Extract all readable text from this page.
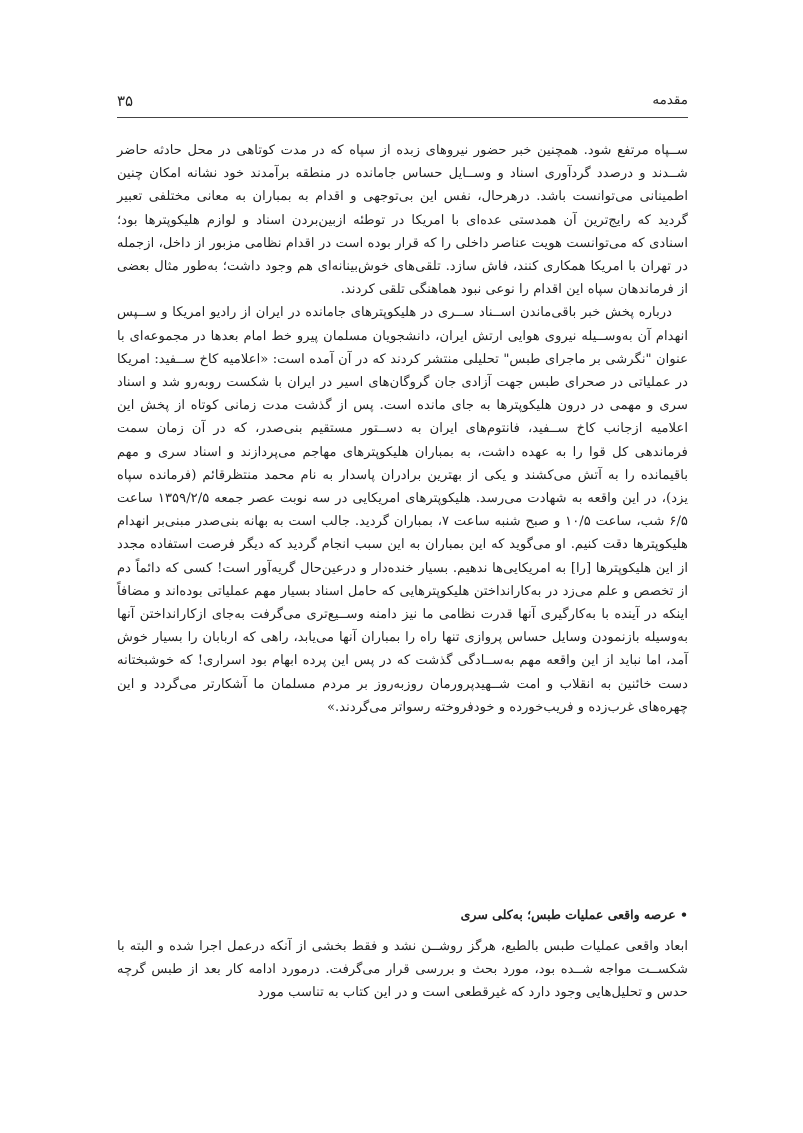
مقدمه
۳۵

ســپاه مرتفع شود. همچنین خبر حضور نیروهای زبده از سپاه که در مدت کوتاهی در محل حادثه حاضر شــدند و درصدد گردآوری اسناد و وســایل حساس جامانده در منطقه برآمدند خود نشانه امکان چنین اطمینانی می‌توانست باشد. درهرحال، نفس این بی‌توجهی و اقدام به بمباران به معانی مختلفی تعبیر گردید که رایج‌ترین آن همدستی عده‌ای با امریکا در توطئه ازبین‌بردن اسناد و لوازم هلیکوپترها بود؛ اسنادی که می‌توانست هویت عناصر داخلی را که قرار بوده است در اقدام نظامی مزبور از داخل، ازجمله در تهران با امریکا همکاری کنند، فاش سازد. تلقی‌های خوش‌بینانه‌ای هم وجود داشت؛ به‌طور مثال بعضی از فرماندهان سپاه این اقدام را نوعی نبود هماهنگی تلقی کردند.

درباره پخش خبر باقی‌ماندن اســناد ســری در هلیکوپترهای جامانده در ایران از رادیو امریکا و ســپس انهدام آن به‌وســیله نیروی هوایی ارتش ایران، دانشجویان مسلمان پیرو خط امام بعدها در مجموعه‌ای با عنوان "نگرشی بر ماجرای طبس" تحلیلی منتشر کردند که در آن آمده است: «اعلامیه کاخ ســفید: امریکا در عملیاتی در صحرای طبس جهت آزادی جان گروگان‌های اسیر در ایران با شکست روبه‌رو شد و اسناد سری و مهمی در درون هلیکوپترها به جای مانده است. پس از گذشت مدت زمانی کوتاه از پخش این اعلامیه ازجانب کاخ ســفید، فانتوم‌های ایران به دســتور مستقیم بنی‌صدر، که در آن زمان سمت فرماندهی کل قوا را به عهده داشت، به بمباران هلیکوپترهای مهاجم می‌پردازند و اسناد سری و مهم باقیمانده را به آتش می‌کشند و یکی از بهترین برادران پاسدار به نام محمد منتظرقائم (فرمانده سپاه یزد)، در این واقعه به شهادت می‌رسد. هلیکوپترهای امریکایی در سه نوبت عصر جمعه ۱۳۵۹/۲/۵ ساعت ۶/۵ شب، ساعت ۱۰/۵ و صبح شنبه ساعت ۷، بمباران گردید. جالب است به بهانه بنی‌صدر مبنی‌بر انهدام هلیکوپترها دقت کنیم. او می‌گوید که این بمباران به این سبب انجام گردید که دیگر فرصت استفاده مجدد از این هلیکوپترها [را] به امریکایی‌ها ندهیم. بسیار خنده‌دار و درعین‌حال گریه‌آور است! کسی که دائماً دم از تخصص و علم می‌زد در به‌کارانداختن هلیکوپترهایی که حامل اسناد بسیار مهم عملیاتی بوده‌اند و مضافاً اینکه در آینده با به‌کارگیری آنها قدرت نظامی ما نیز دامنه وســیع‌تری می‌گرفت به‌جای ازکارانداختن آنها به‌وسیله بازنمودن وسایل حساس پروازی تنها راه را بمباران آنها می‌یابد، راهی که اربابان را بسیار خوش آمد، اما نباید از این واقعه مهم به‌ســادگی گذشت که در پس این پرده ابهام بود اسراری! که خوشبختانه دست خائنین به انقلاب و امت شــهیدپرورمان روزبه‌روز بر مردم مسلمان ما آشکارتر می‌گردد و این چهره‌های غرب‌زده و فریب‌خورده و خودفروخته رسواتر می‌گردند.»

• عرصه واقعی عملیات طبس؛ به‌کلی سری

ابعاد واقعی عملیات طبس بالطبع، هرگز روشــن نشد و فقط بخشی از آنکه درعمل اجرا شده و البته با شکســت مواجه شــده بود، مورد بحث و بررسی قرار می‌گرفت. درمورد ادامه کار بعد از طبس گرچه حدس و تحلیل‌هایی وجود دارد که غیرقطعی است و در این کتاب به تناسب مورد
